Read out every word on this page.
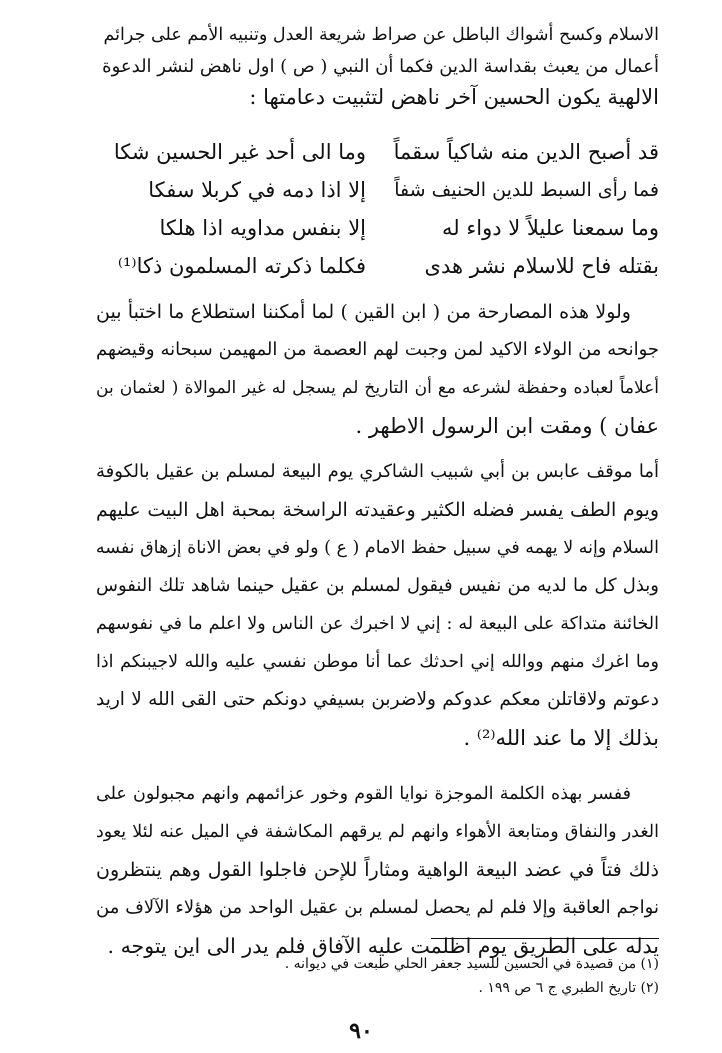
الاسلام وكسح أشواك الباطل عن صراط شريعة العدل وتنبيه الأمم على جرائم

أعمال من يعبث بقداسة الدين فكما أن النبي ( ص ) اول ناهض لنشر الدعوة

الالهية يكون الحسين آخر ناهض لتثبيت دعامتها :

قد أصبح الدين منه شاكياً سقماً
وما الى أحد غير الحسين شكا
فما رأى السبط للدين الحنيف شفاً
إلا اذا دمه في كربلا سفكا
وما سمعنا عليلاً لا دواء له
إلا بنفس مداويه اذا هلكا
بقتله فاح للاسلام نشر هدى
فكلما ذكرته المسلمون ذكا⁽¹⁾

ولولا هذه المصارحة من ( ابن القين ) لما أمكننا استطلاع ما اختبأ بين

جوانحه من الولاء الاكيد لمن وجبت لهم العصمة من المهيمن سبحانه وقيضهم

أعلاماً لعباده وحفظة لشرعه مع أن التاريخ لم يسجل له غير الموالاة ( لعثمان بن

عفان ) ومقت ابن الرسول الاطهر .

أما موقف عابس بن أبي شبيب الشاكري يوم البيعة لمسلم بن عقيل بالكوفة

ويوم الطف يفسر فضله الكثير وعقيدته الراسخة بمحبة اهل البيت عليهم

السلام وإنه لا يهمه في سبيل حفظ الامام ( ع ) ولو في بعض الاناة إزهاق نفسه

وبذل كل ما لديه من نفيس فيقول لمسلم بن عقيل حينما شاهد تلك النفوس

الخائنة متداكة على البيعة له : إني لا اخبرك عن الناس ولا اعلم ما في نفوسهم

وما اغرك منهم ووالله إني احدثك عما أنا موطن نفسي عليه والله لاجيبنكم اذا

دعوتم ولاقاتلن معكم عدوكم ولاضربن بسيفي دونكم حتى القى الله لا اريد

بذلك إلا ما عند الله⁽²⁾ .

ففسر بهذه الكلمة الموجزة نوايا القوم وخور عزائمهم وانهم مجبولون على

الغدر والنفاق ومتابعة الأهواء وانهم لم يرقهم المكاشفة في الميل عنه لئلا يعود

ذلك فتاً في عضد البيعة الواهية ومثاراً للإحن فاجلوا القول وهم ينتظرون

نواجم العاقبة وإلا فلم لم يحصل لمسلم بن عقيل الواحد من هؤلاء الآلاف من

يدله على الطريق يوم اظلمت عليه الآفاق فلم يدر الى اين يتوجه .

(١) من قصيدة في الحسين للسيد جعفر الحلي طبعت في ديوانه .

(٢) تاريخ الطبري ج ٦ ص ١٩٩ .

٩٠
